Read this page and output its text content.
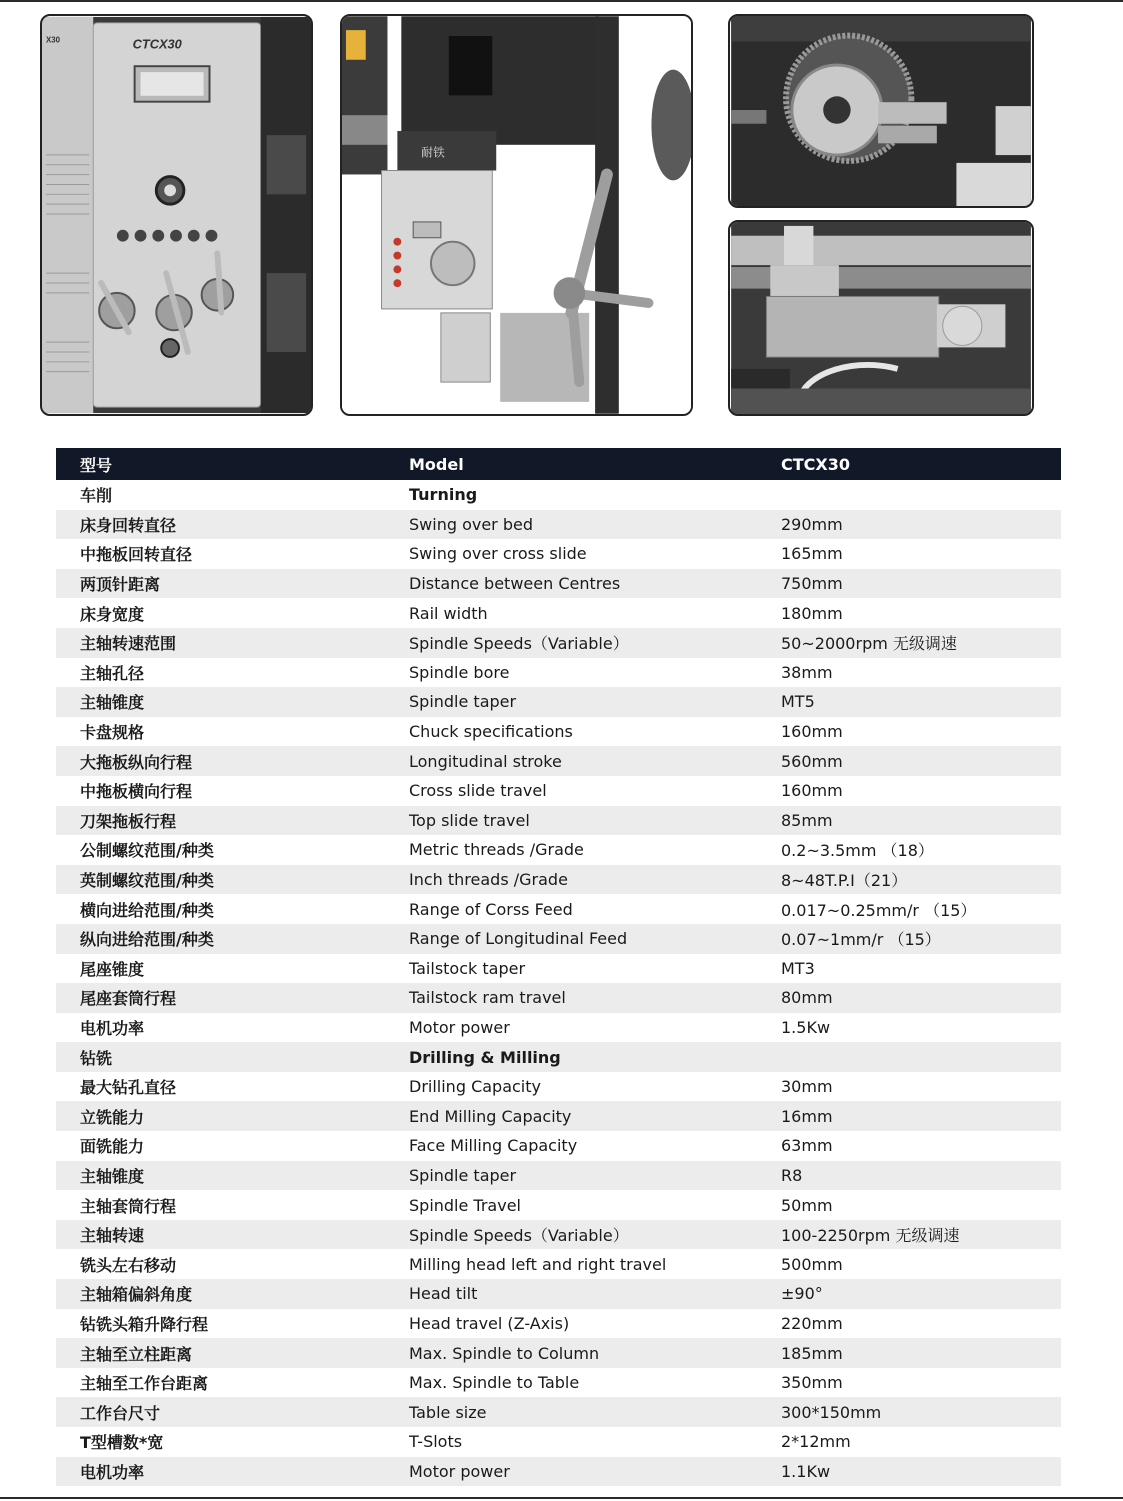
X30	CTCX30
耐铁
型号	Model	CTCX30
车削	Turning
床身回转直径	Swing over bed	290mm
中拖板回转直径	Swing over cross slide	165mm
两顶针距离	Distance between Centres	750mm
床身宽度	Rail width	180mm
主轴转速范围	Spindle Speeds（Variable）	50~2000rpm 无级调速
主轴孔径	Spindle bore	38mm
主轴锥度	Spindle taper	MT5
卡盘规格	Chuck specifications	160mm
大拖板纵向行程	Longitudinal stroke	560mm
中拖板横向行程	Cross slide travel	160mm
刀架拖板行程	Top slide travel	85mm
公制螺纹范围/种类	Metric threads /Grade	0.2~3.5mm （18）
英制螺纹范围/种类	Inch threads /Grade	8~48T.P.I（21）
横向进给范围/种类	Range of Corss Feed	0.017~0.25mm/r （15）
纵向进给范围/种类	Range of Longitudinal Feed	0.07~1mm/r （15）
尾座锥度	Tailstock taper	MT3
尾座套筒行程	Tailstock ram travel	80mm
电机功率	Motor power	1.5Kw
钻铣	Drilling & Milling
最大钻孔直径	Drilling Capacity	30mm
立铣能力	End Milling Capacity	16mm
面铣能力	Face Milling Capacity	63mm
主轴锥度	Spindle taper	R8
主轴套筒行程	Spindle Travel	50mm
主轴转速	Spindle Speeds（Variable）	100-2250rpm 无级调速
铣头左右移动	Milling head left and right travel	500mm
主轴箱偏斜角度	Head tilt	±90°
钻铣头箱升降行程	Head travel (Z-Axis)	220mm
主轴至立柱距离	Max. Spindle to Column	185mm
主轴至工作台距离	Max. Spindle to Table	350mm
工作台尺寸	Table size	300*150mm
T型槽数*宽	T-Slots	2*12mm
电机功率	Motor power	1.1Kw
